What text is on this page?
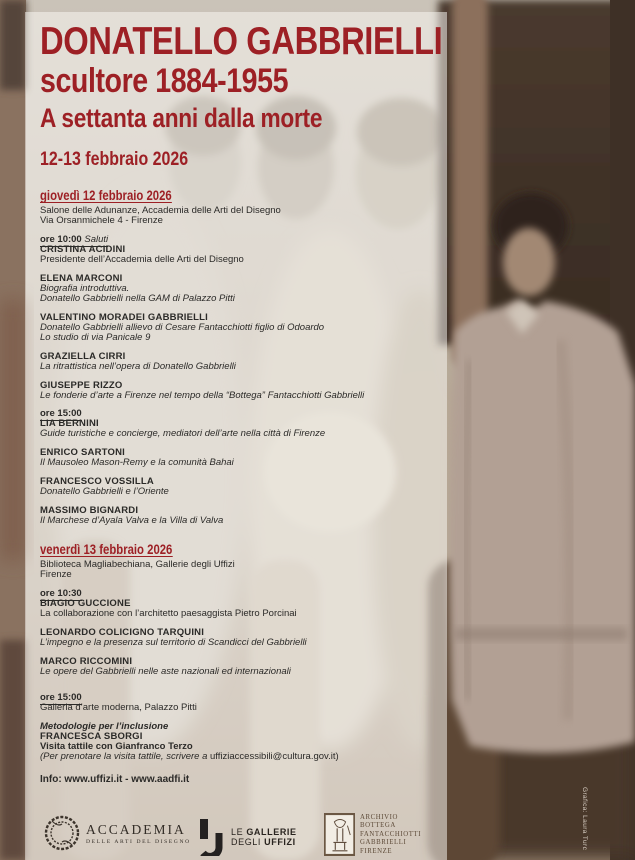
DONATELLO GABBRIELLI
scultore 1884-1955
A settanta anni dalla morte
12-13 febbraio 2026
giovedì 12 febbraio 2026
Salone delle Adunanze, Accademia delle Arti del Disegno
Via Orsanmichele 4 - Firenze
ore 10:00 Saluti
CRISTINA ACIDINI
Presidente dell’Accademia delle Arti del Disegno
ELENA MARCONI
Biografia introduttiva.
Donatello Gabbrielli nella GAM di Palazzo Pitti
VALENTINO MORADEI GABBRIELLI
Donatello Gabbrielli allievo di Cesare Fantacchiotti figlio di Odoardo
Lo studio di via Panicale 9
GRAZIELLA CIRRI
La ritrattistica nell’opera di Donatello Gabbrielli
GIUSEPPE RIZZO
Le fonderie d’arte a Firenze nel tempo della “Bottega” Fantacchiotti Gabbrielli
ore 15:00
LIA BERNINI
Guide turistiche e concierge, mediatori dell’arte nella città di Firenze
ENRICO SARTONI
Il Mausoleo Mason-Remy e la comunità Bahai
FRANCESCO VOSSILLA
Donatello Gabbrielli e l’Oriente
MASSIMO BIGNARDI
Il Marchese d’Ayala Valva e la Villa di Valva
venerdì 13 febbraio 2026
Biblioteca Magliabechiana, Gallerie degli Uffizi
Firenze
ore 10:30
BIAGIO GUCCIONE
La collaborazione con l’architetto paesaggista Pietro Porcinai
LEONARDO COLICIGNO TARQUINI
L’impegno e la presenza sul territorio di Scandicci del Gabbrielli
MARCO RICCOMINI
Le opere del Gabbrielli nelle aste nazionali ed internazionali
ore 15:00
Galleria d’arte moderna, Palazzo Pitti
Metodologie per l’inclusione
FRANCESCA SBORGI
Visita tattile con Gianfranco Terzo
(Per prenotare la visita tattile, scrivere a uffiziaccessibili@cultura.gov.it)
Info: www.uffizi.it - www.aadfi.it
ACCADEMIA
DELLE ARTI DEL DISEGNO
LE GALLERIE
DEGLI UFFIZI
ARCHIVIO
BOTTEGA
FANTACCHIOTTI
GABBRIELLI
FIRENZE
Grafica: Laura Turc
